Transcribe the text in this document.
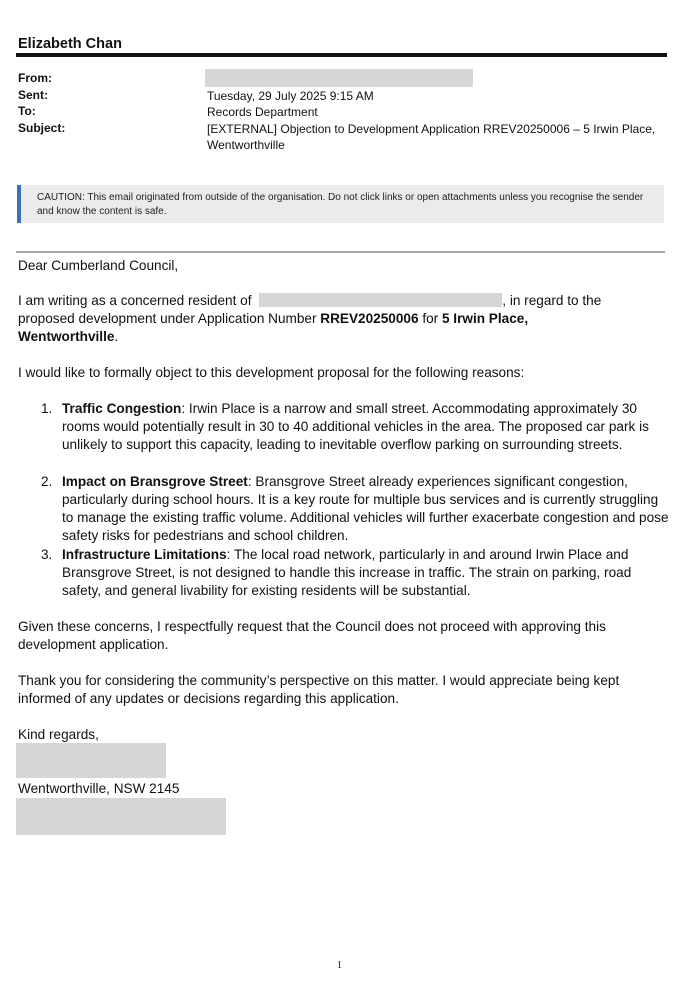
Elizabeth Chan
From:
Sent:	Tuesday, 29 July 2025 9:15 AM
To:	Records Department
Subject:	[EXTERNAL] Objection to Development Application RREV20250006 – 5 Irwin Place, Wentworthville
CAUTION: This email originated from outside of the organisation. Do not click links or open attachments unless you recognise the sender and know the content is safe.
Dear Cumberland Council,
I am writing as a concerned resident of	, in regard to the
proposed development under Application Number RREV20250006 for 5 Irwin Place,
Wentworthville.
I would like to formally object to this development proposal for the following reasons:
1. Traffic Congestion: Irwin Place is a narrow and small street. Accommodating approximately 30 rooms would potentially result in 30 to 40 additional vehicles in the area. The proposed car park is unlikely to support this capacity, leading to inevitable overflow parking on surrounding streets.
2. Impact on Bransgrove Street: Bransgrove Street already experiences significant congestion, particularly during school hours. It is a key route for multiple bus services and is currently struggling to manage the existing traffic volume. Additional vehicles will further exacerbate congestion and pose safety risks for pedestrians and school children.
3. Infrastructure Limitations: The local road network, particularly in and around Irwin Place and Bransgrove Street, is not designed to handle this increase in traffic. The strain on parking, road safety, and general livability for existing residents will be substantial.
Given these concerns, I respectfully request that the Council does not proceed with approving this development application.
Thank you for considering the community’s perspective on this matter. I would appreciate being kept informed of any updates or decisions regarding this application.
Kind regards,
Wentworthville, NSW 2145
1
